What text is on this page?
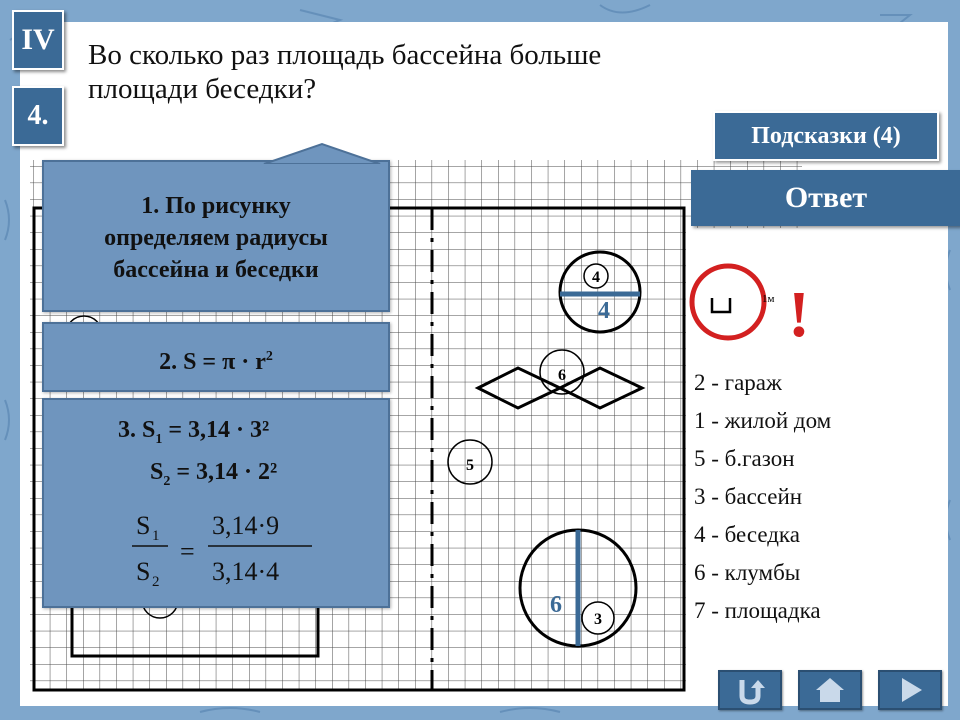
4
4
6
5
3
6
1м !
IV
4.
Во сколько раз площадь бассейна больше
площади беседки?
Подсказки (4)
Ответ
1. По рисунку
определяем радиусы
бассейна и беседки
2. $S = \pi \cdot r^2$
3. $S_1 = 3,14 \cdot 3^2$
$S_2 = 3,14 \cdot 2^2$
S 1
S 2
=
3,14·9
3,14·4
2 - гараж
1 - жилой дом
5 - б.газон
3 - бассейн
4 - беседка
6 - клумбы
7 - площадка
